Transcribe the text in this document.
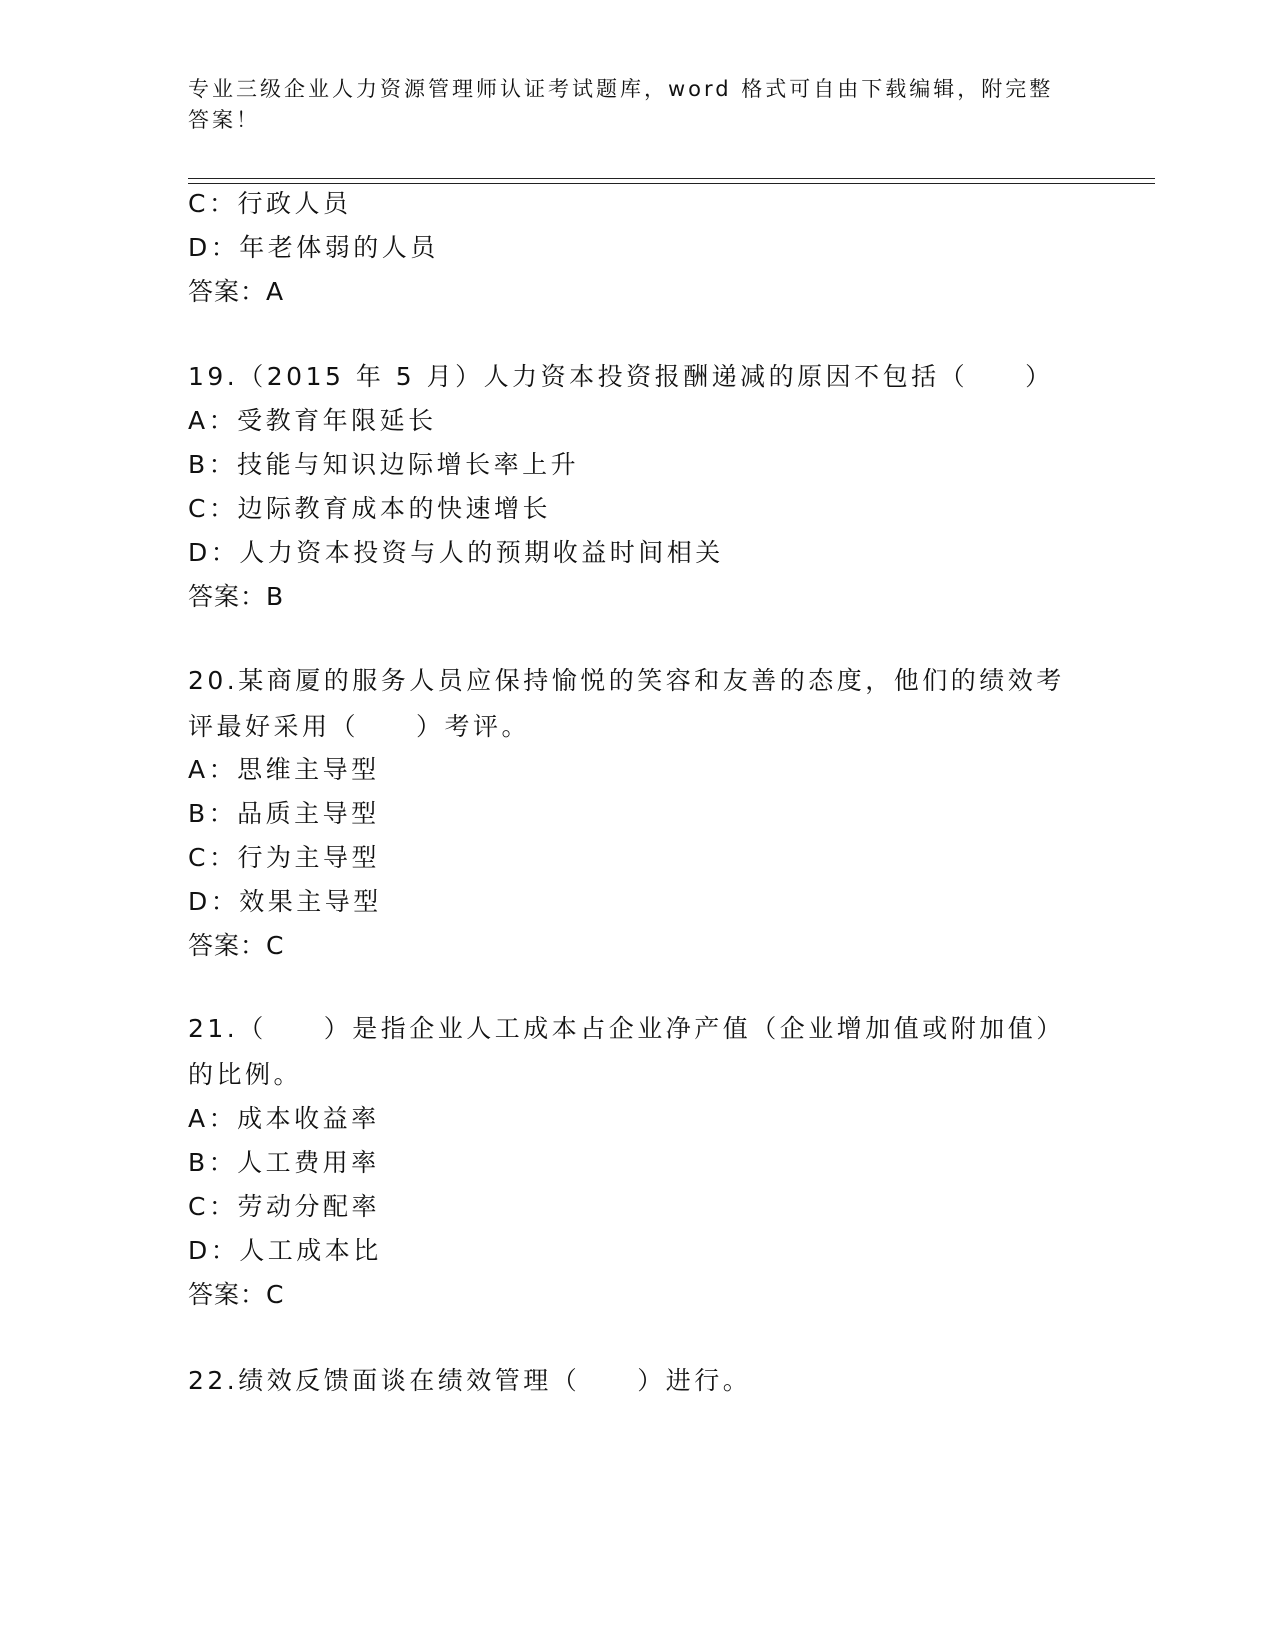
专业三级企业人力资源管理师认证考试题库，word 格式可自由下载编辑，附完整答案！
C：行政人员
D：年老体弱的人员
答案：A
19.（2015 年 5 月）人力资本投资报酬递减的原因不包括（　　）
A：受教育年限延长
B：技能与知识边际增长率上升
C：边际教育成本的快速增长
D：人力资本投资与人的预期收益时间相关
答案：B
20.某商厦的服务人员应保持愉悦的笑容和友善的态度，他们的绩效考评最好采用（　　）考评。
A：思维主导型
B：品质主导型
C：行为主导型
D：效果主导型
答案：C
21.（　　）是指企业人工成本占企业净产值（企业增加值或附加值）的比例。
A：成本收益率
B：人工费用率
C：劳动分配率
D：人工成本比
答案：C
22.绩效反馈面谈在绩效管理（　　）进行。
